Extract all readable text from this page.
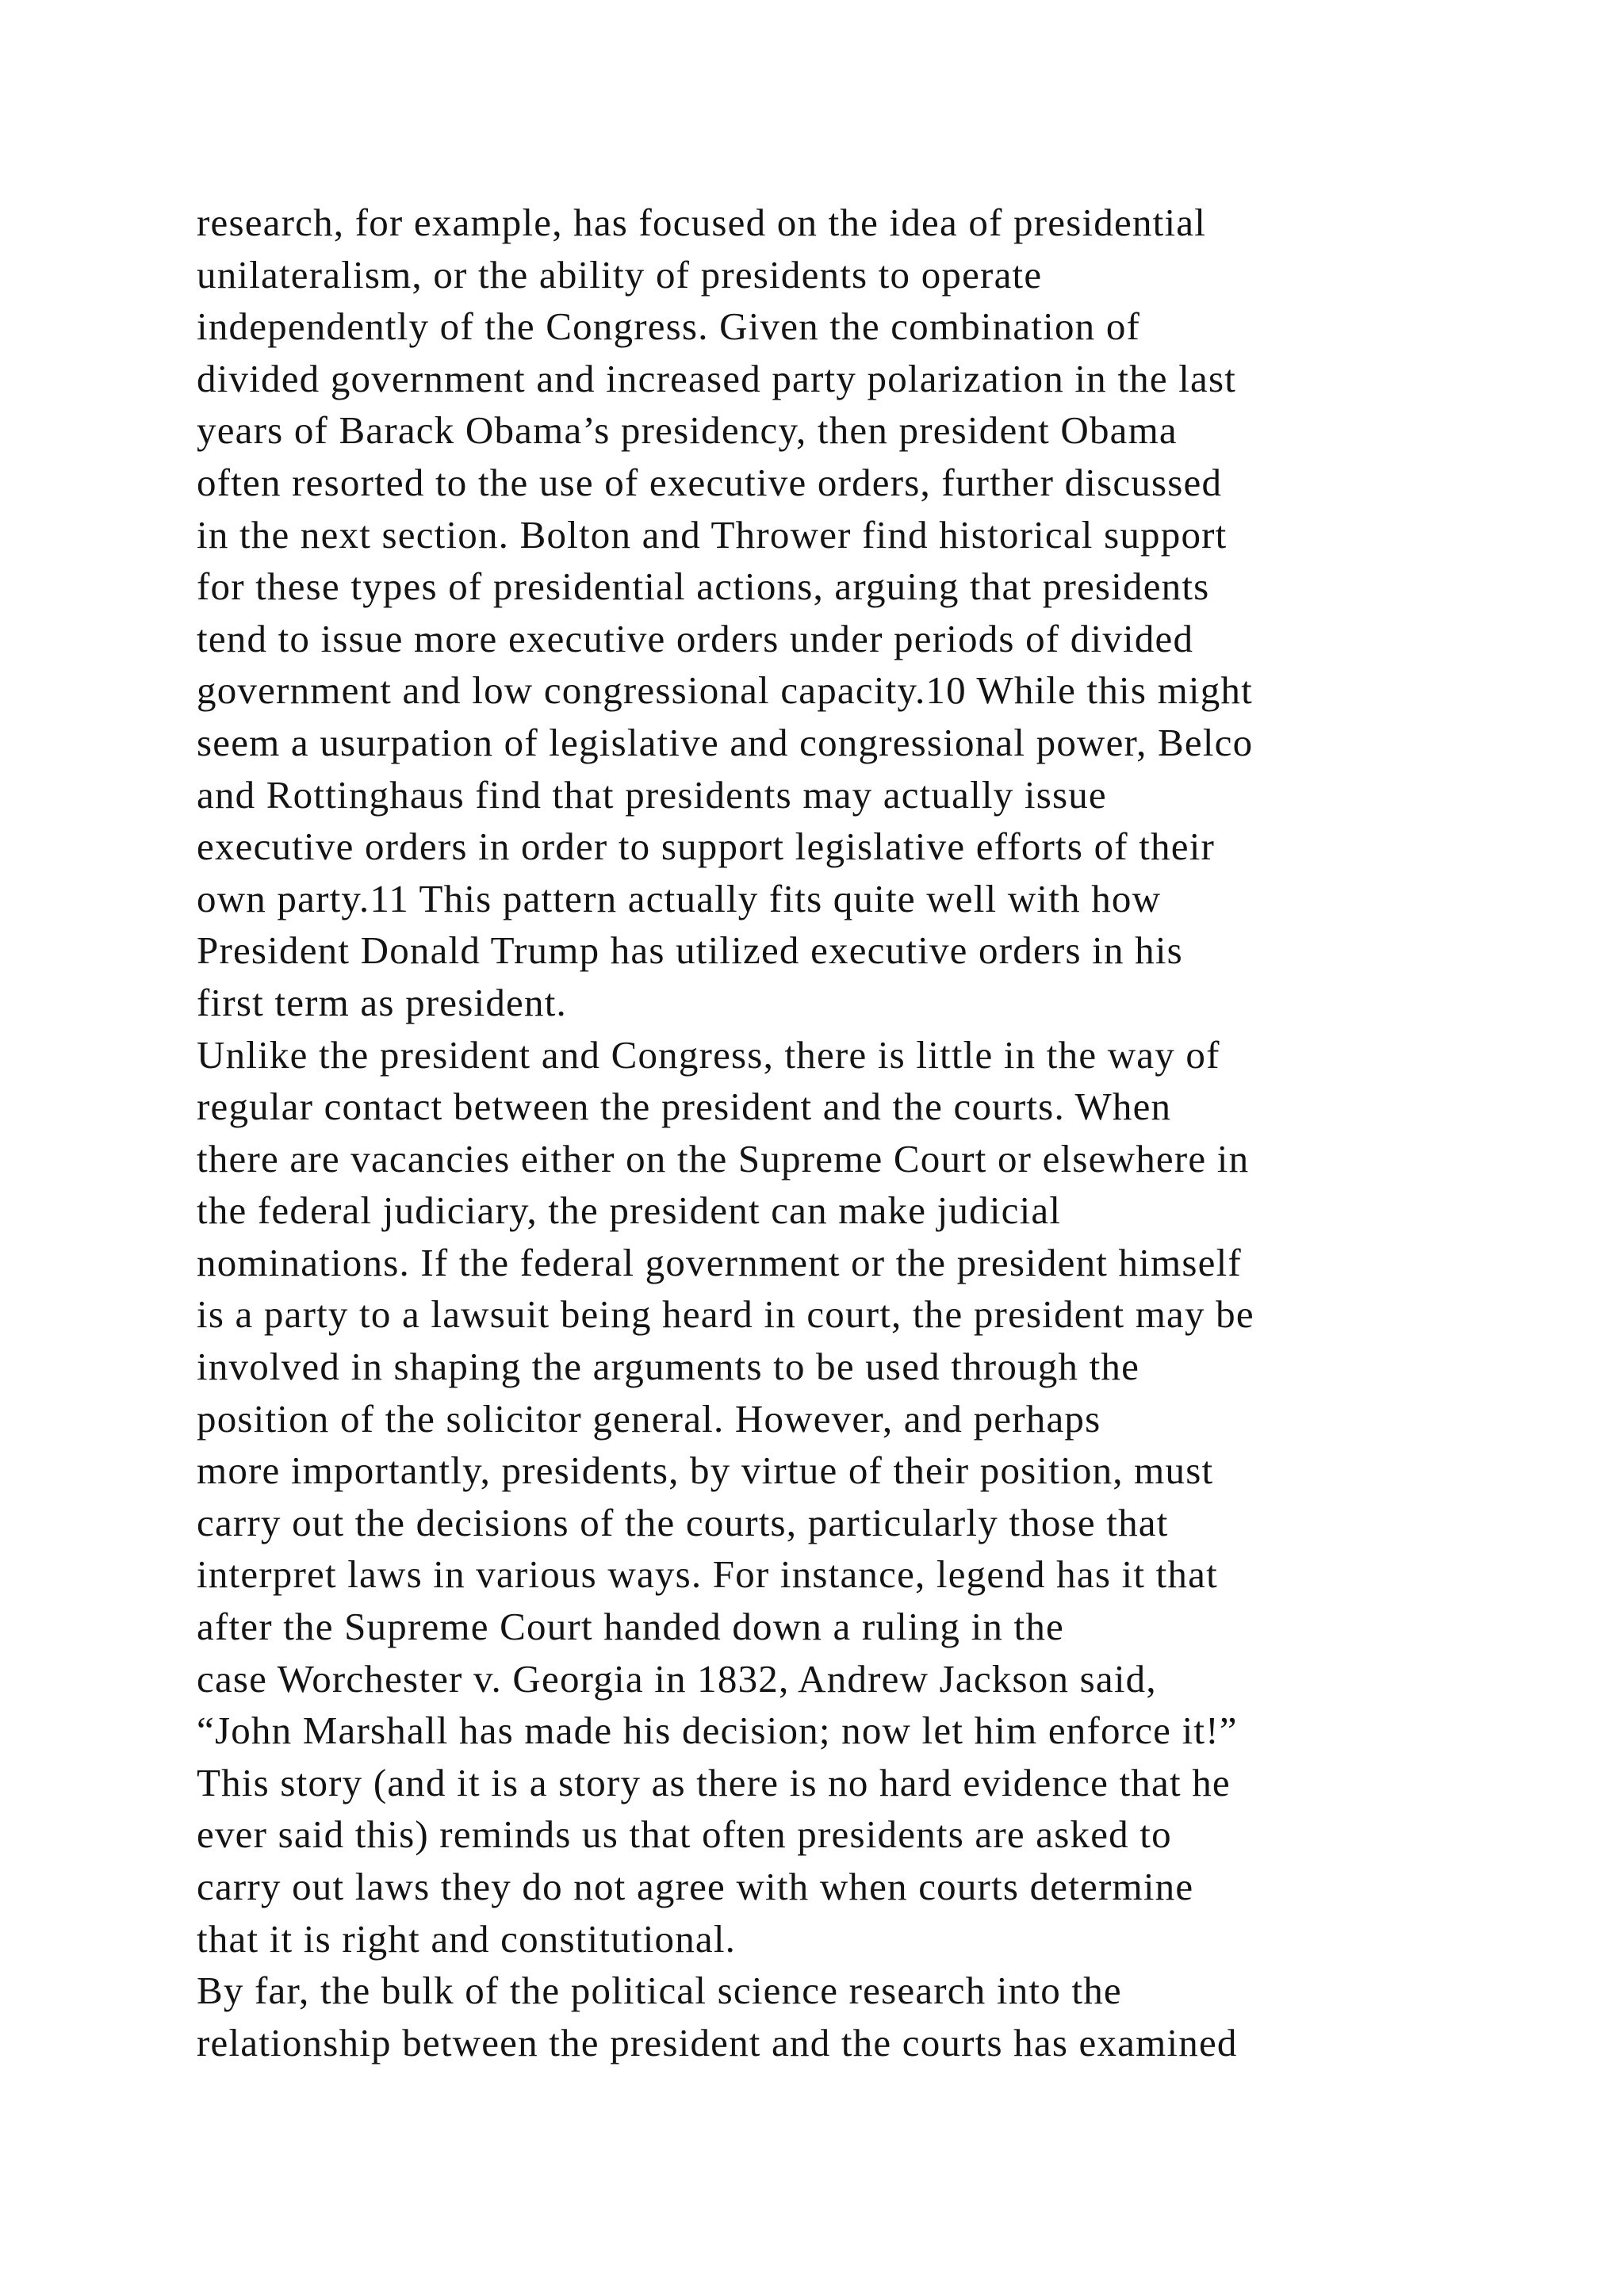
research, for example, has focused on the idea of presidential
unilateralism, or the ability of presidents to operate
independently of the Congress. Given the combination of
divided government and increased party polarization in the last
years of Barack Obama’s presidency, then president Obama
often resorted to the use of executive orders, further discussed
in the next section. Bolton and Thrower find historical support
for these types of presidential actions, arguing that presidents
tend to issue more executive orders under periods of divided
government and low congressional capacity.10 While this might
seem a usurpation of legislative and congressional power, Belco
and Rottinghaus find that presidents may actually issue
executive orders in order to support legislative efforts of their
own party.11 This pattern actually fits quite well with how
President Donald Trump has utilized executive orders in his
first term as president.
Unlike the president and Congress, there is little in the way of
regular contact between the president and the courts. When
there are vacancies either on the Supreme Court or elsewhere in
the federal judiciary, the president can make judicial
nominations. If the federal government or the president himself
is a party to a lawsuit being heard in court, the president may be
involved in shaping the arguments to be used through the
position of the solicitor general. However, and perhaps
more importantly, presidents, by virtue of their position, must
carry out the decisions of the courts, particularly those that
interpret laws in various ways. For instance, legend has it that
after the Supreme Court handed down a ruling in the
case Worchester v. Georgia in 1832, Andrew Jackson said,
“John Marshall has made his decision; now let him enforce it!”
This story (and it is a story as there is no hard evidence that he
ever said this) reminds us that often presidents are asked to
carry out laws they do not agree with when courts determine
that it is right and constitutional.
By far, the bulk of the political science research into the
relationship between the president and the courts has examined
